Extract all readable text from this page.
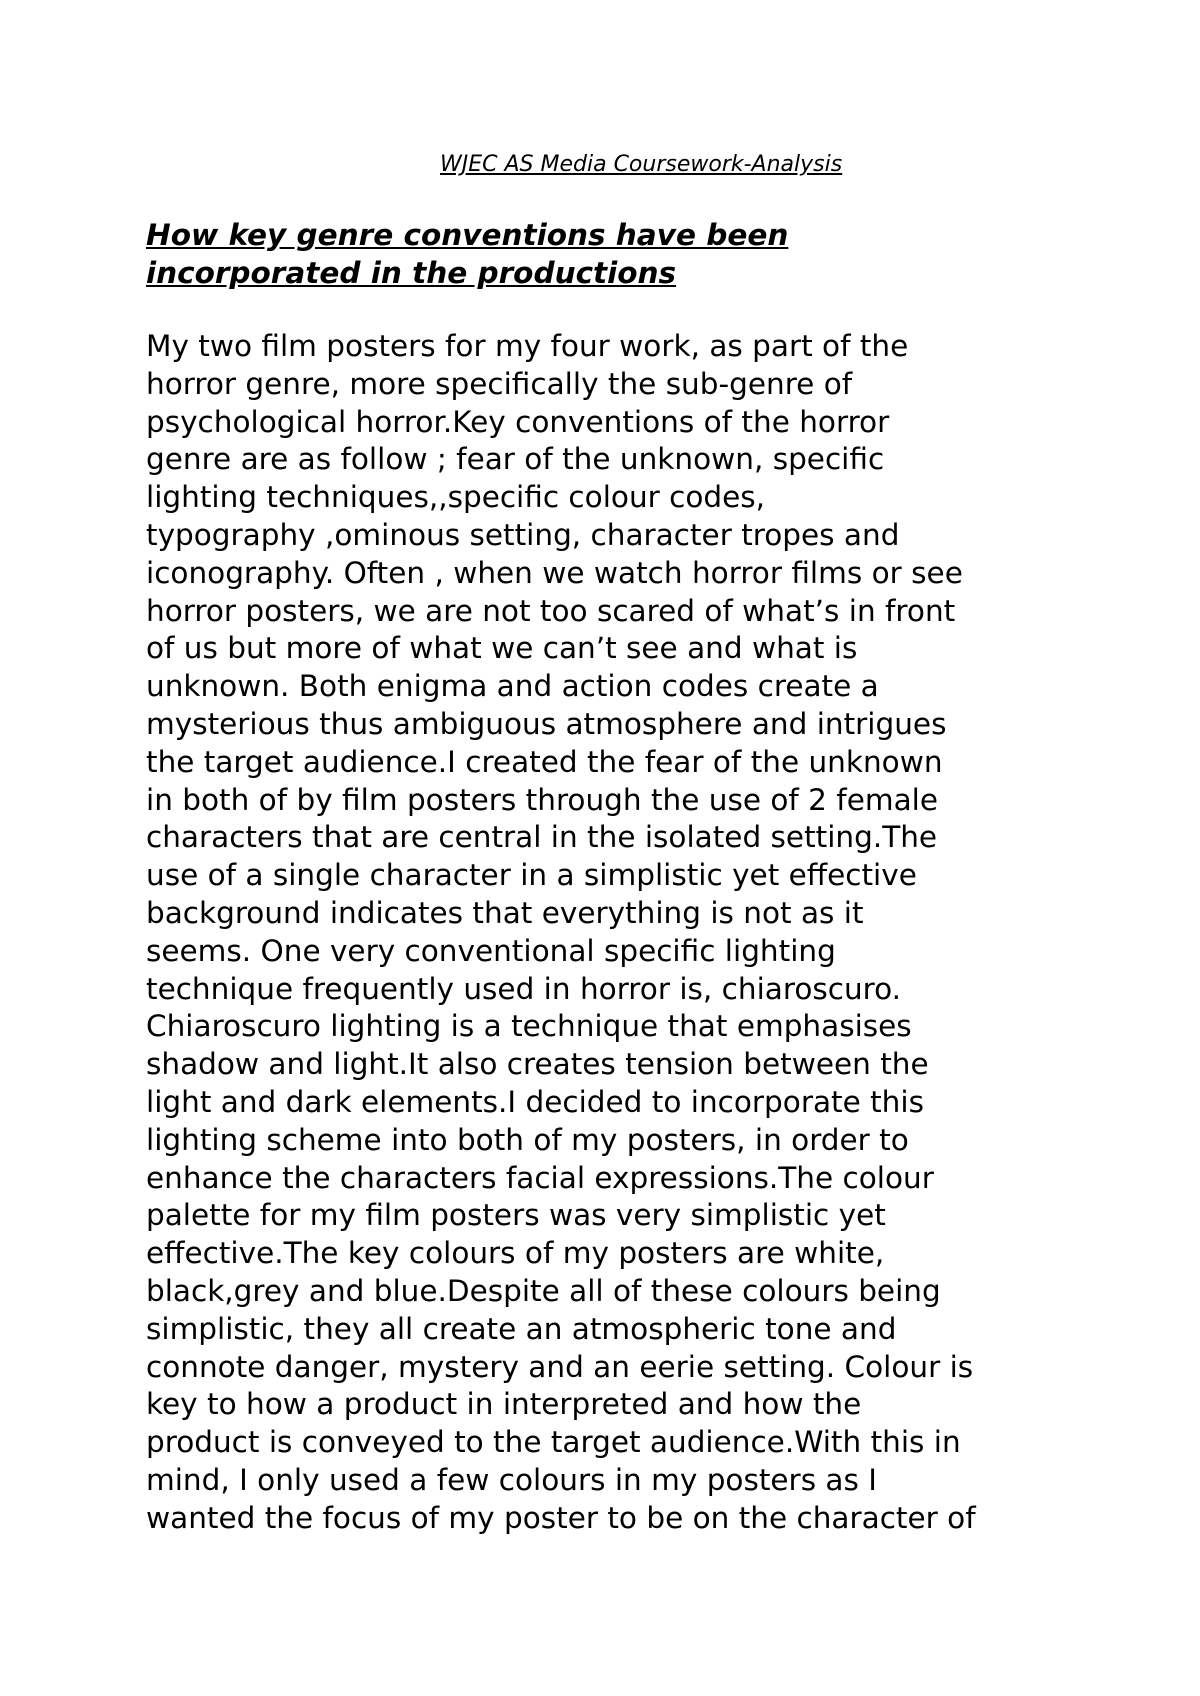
WJEC AS Media Coursework-Analysis

How key genre conventions have been
incorporated in the productions
My two film posters for my four work, as part of the
horror genre, more specifically the sub-genre of
psychological horror.Key conventions of the horror
genre are as follow ; fear of the unknown, specific
lighting techniques,,specific colour codes,
typography ,ominous setting, character tropes and
iconography. Often , when we watch horror films or see
horror posters, we are not too scared of what’s in front
of us but more of what we can’t see and what is
unknown. Both enigma and action codes create a
mysterious thus ambiguous atmosphere and intrigues
the target audience.I created the fear of the unknown
in both of by film posters through the use of 2 female
characters that are central in the isolated setting.The
use of a single character in a simplistic yet effective
background indicates that everything is not as it
seems. One very conventional specific lighting
technique frequently used in horror is, chiaroscuro.
Chiaroscuro lighting is a technique that emphasises
shadow and light.It also creates tension between the
light and dark elements.I decided to incorporate this
lighting scheme into both of my posters, in order to
enhance the characters facial expressions.The colour
palette for my film posters was very simplistic yet
effective.The key colours of my posters are white,
black,grey and blue.Despite all of these colours being
simplistic, they all create an atmospheric tone and
connote danger, mystery and an eerie setting. Colour is
key to how a product in interpreted and how the
product is conveyed to the target audience.With this in
mind, I only used a few colours in my posters as I
wanted the focus of my poster to be on the character of
